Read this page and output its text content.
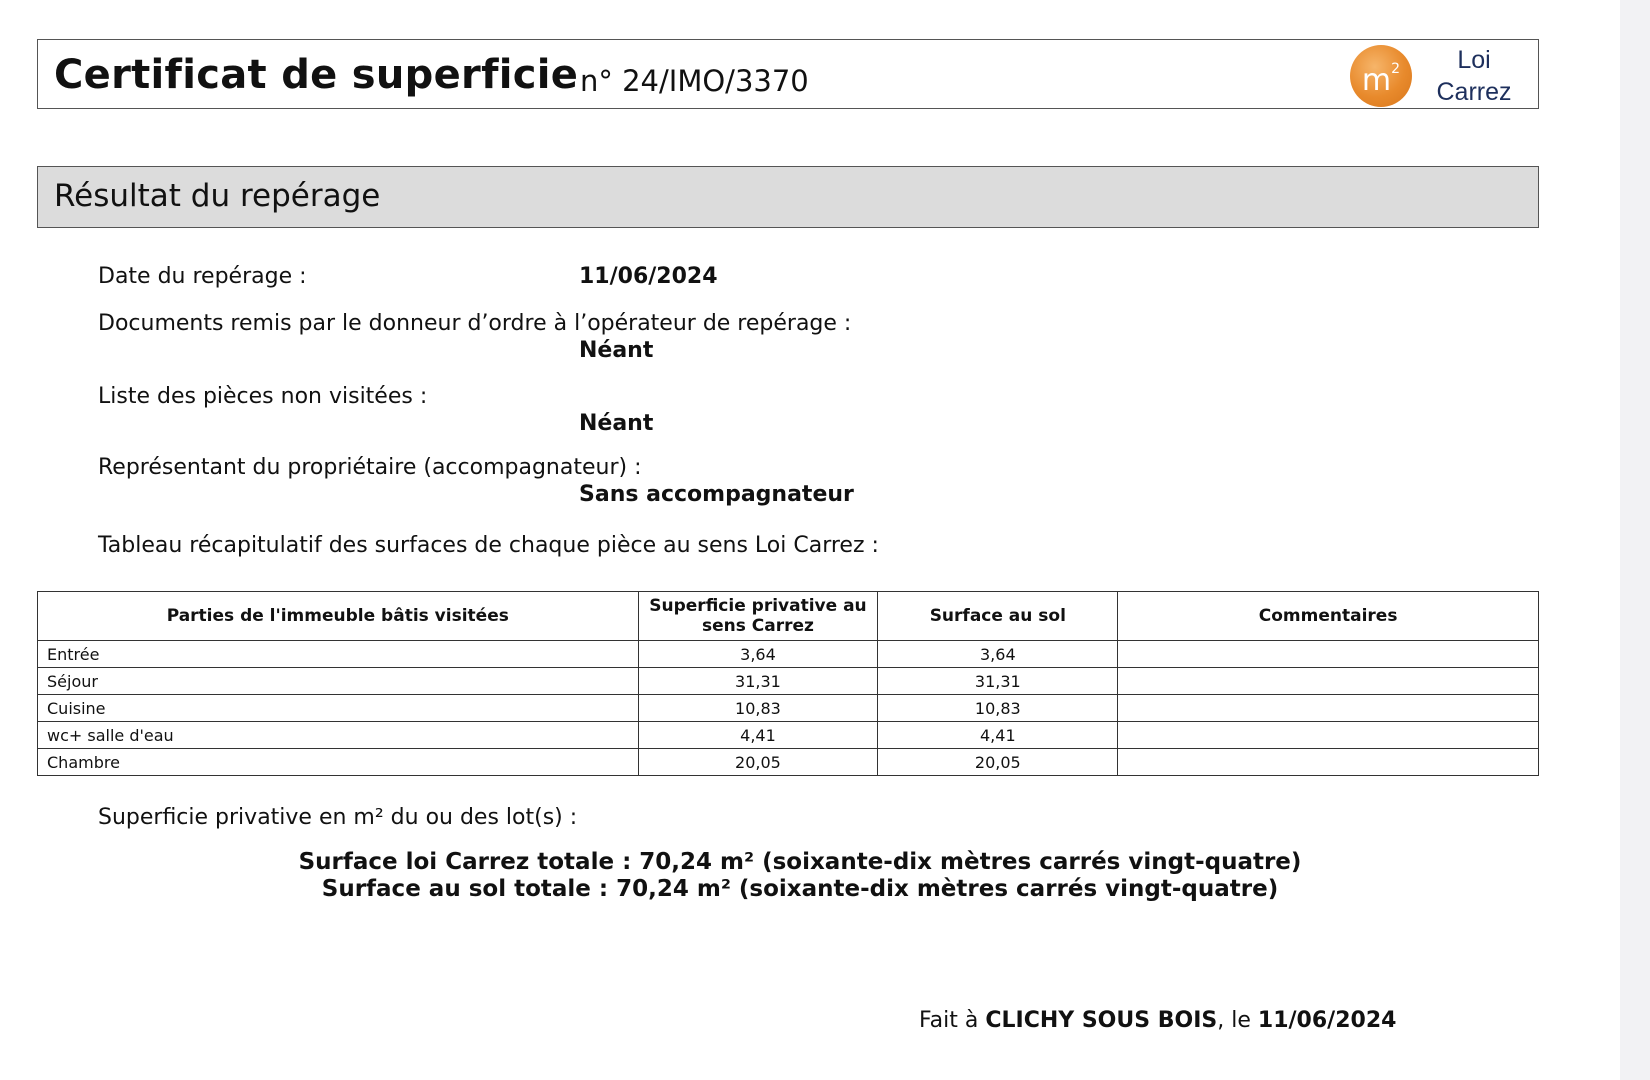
Certificat de superficie n° 24/IMO/3370	$m^2$	Loi
Carrez
Résultat du repérage
Date du repérage :	11/06/2024
Documents remis par le donneur d’ordre à l’opérateur de repérage :
Néant
Liste des pièces non visitées :
Néant
Représentant du propriétaire (accompagnateur) :
Sans accompagnateur
Tableau récapitulatif des surfaces de chaque pièce au sens Loi Carrez :
Parties de l'immeuble bâtis visitées	Superficie privative au sens Carrez	Surface au sol	Commentaires
Entrée	3,64	3,64	
Séjour	31,31	31,31	
Cuisine	10,83	10,83	
wc+ salle d'eau	4,41	4,41	
Chambre	20,05	20,05	
Superficie privative en m² du ou des lot(s) :
Surface loi Carrez totale : 70,24 m² (soixante-dix mètres carrés vingt-quatre)
Surface au sol totale : 70,24 m² (soixante-dix mètres carrés vingt-quatre)
Fait à CLICHY SOUS BOIS, le 11/06/2024
